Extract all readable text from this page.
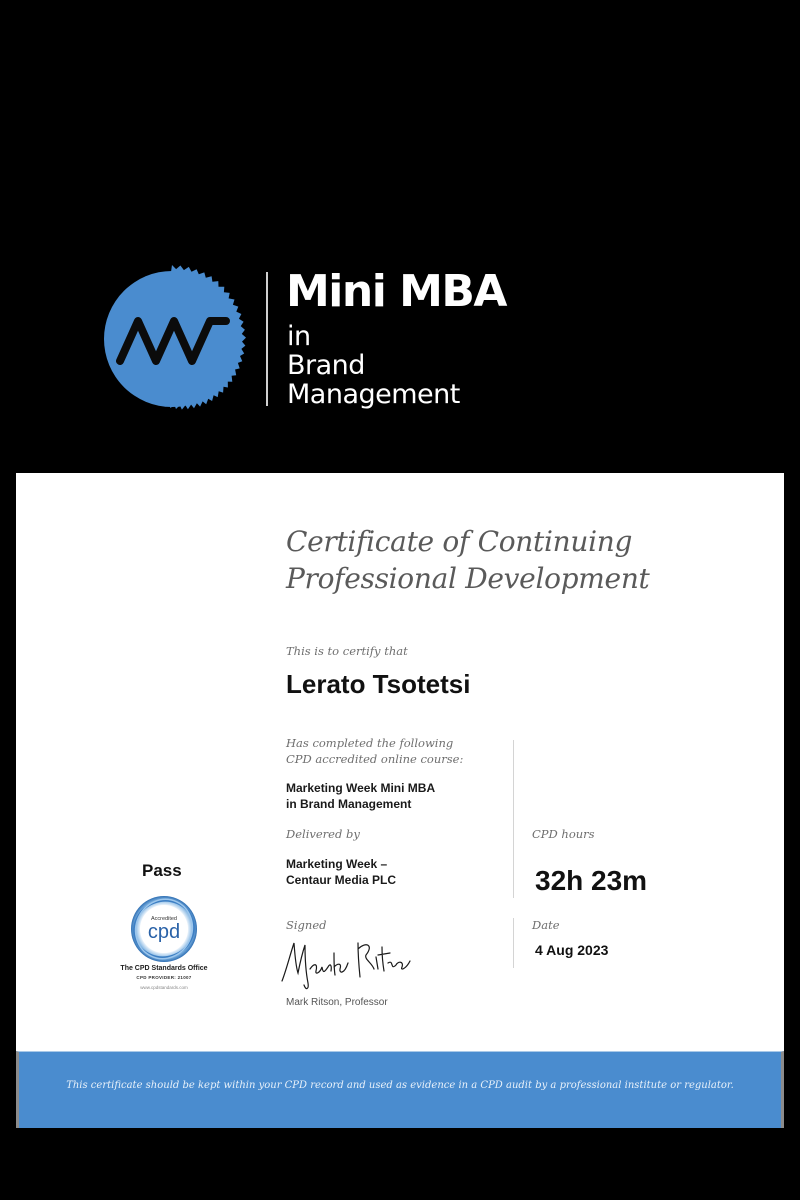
Mini MBA
in
Brand
Management
Certificate of Continuing
Professional Development
This is to certify that
Lerato Tsotetsi
Has completed the following
CPD accredited online course:
Marketing Week Mini MBA
in Brand Management
Delivered by
Marketing Week –
Centaur Media PLC
CPD hours
32h 23m
Date
4 Aug 2023
Signed
Mark Ritson, Professor
Pass
Accredited
cpd
The CPD Standards Office
CPD PROVIDER: 21007
www.cpdstandards.com
This certificate should be kept within your CPD record and used as evidence in a CPD audit by a professional institute or regulator.
